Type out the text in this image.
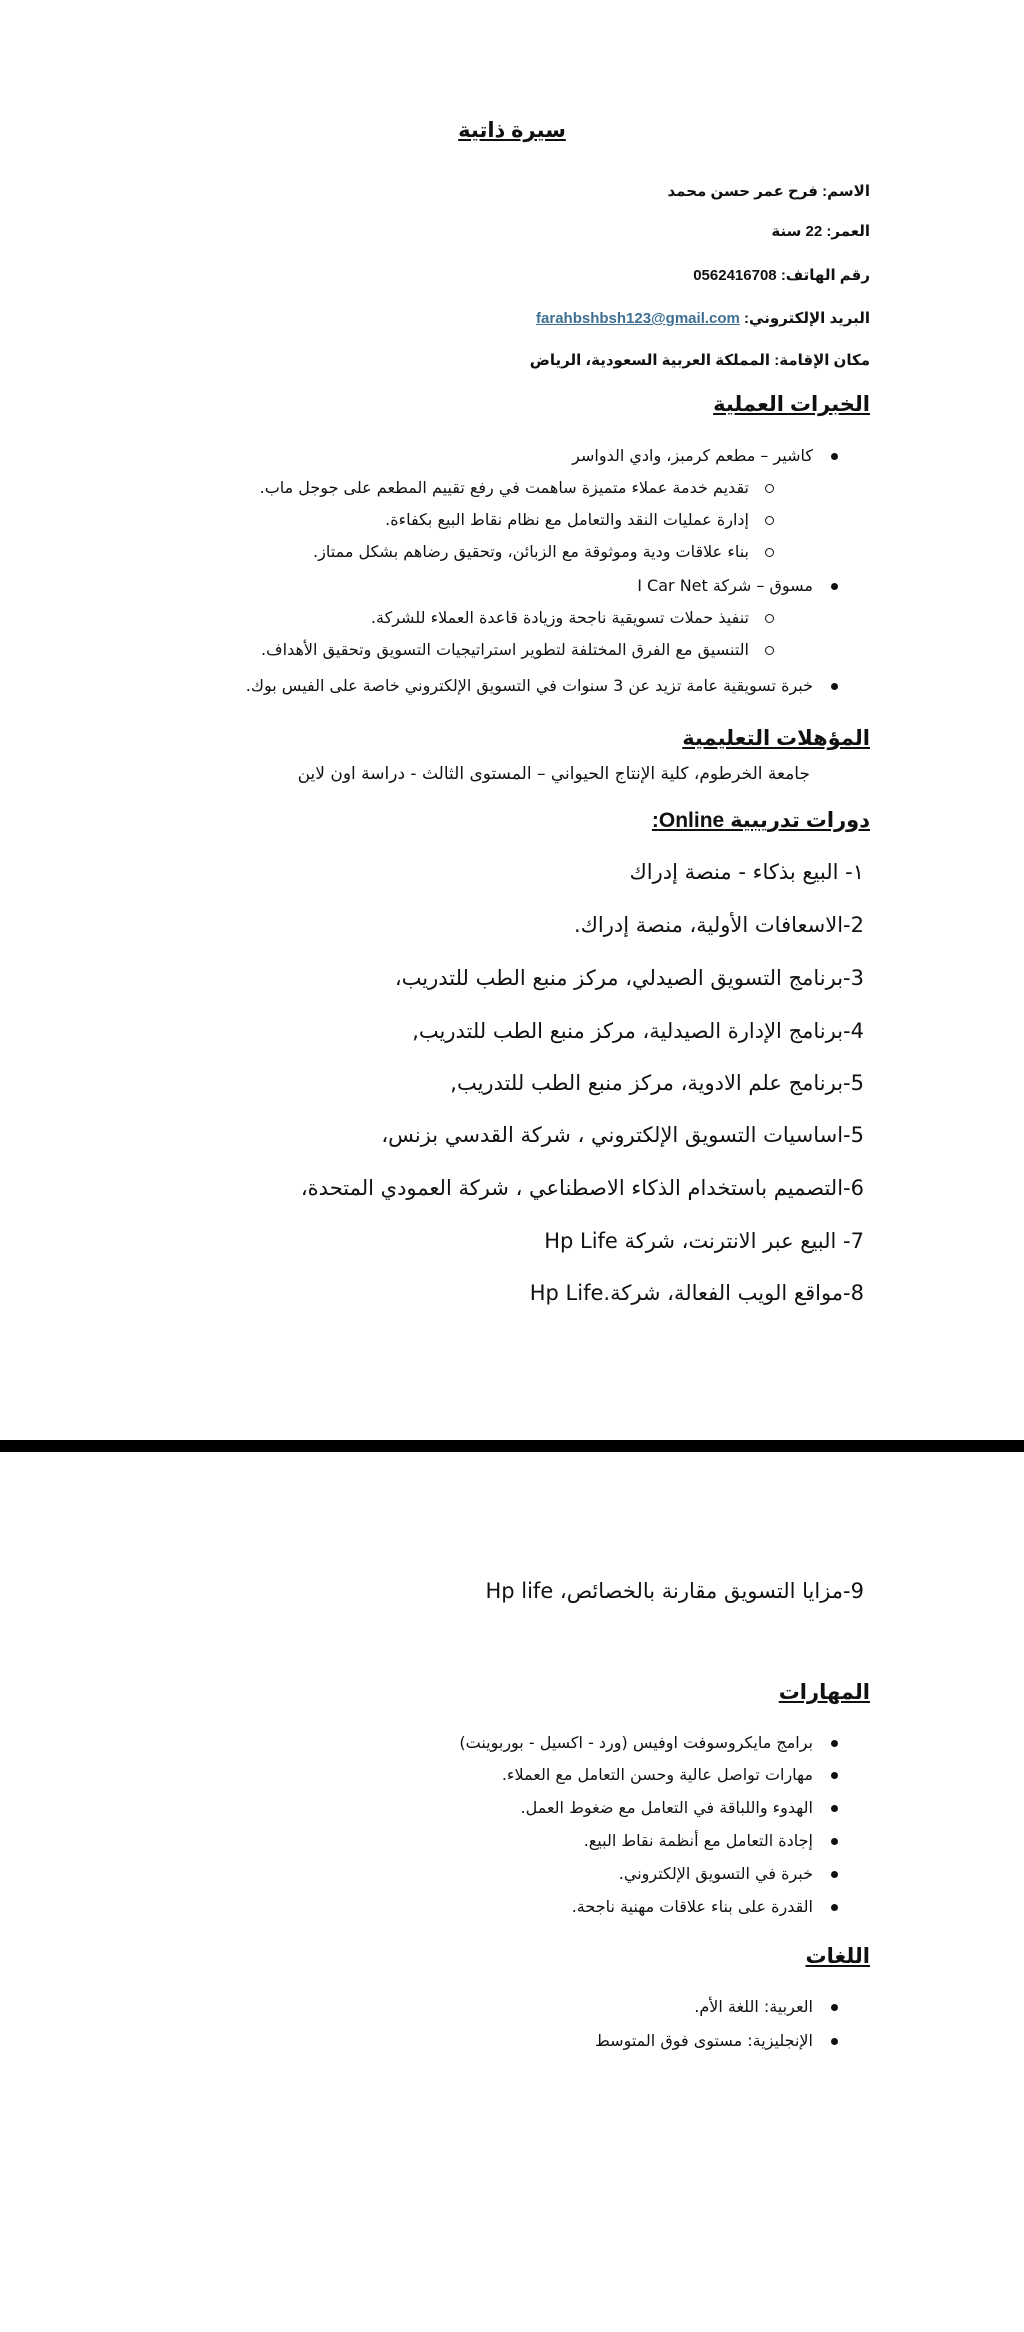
سيرة ذاتية
الاسم: فرح عمر حسن محمد
العمر: 22 سنة
رقم الهاتف: 0562416708
البريد الإلكتروني: farahbshbsh123@gmail.com
مكان الإقامة: المملكة العربية السعودية، الرياض
الخبرات العملية
كاشير – مطعم كرمبز، وادي الدواسر
تقديم خدمة عملاء متميزة ساهمت في رفع تقييم المطعم على جوجل ماب.
إدارة عمليات النقد والتعامل مع نظام نقاط البيع بكفاءة.
بناء علاقات ودية وموثوقة مع الزبائن، وتحقيق رضاهم بشكل ممتاز.
مسوق – شركة I Car Net
تنفيذ حملات تسويقية ناجحة وزيادة قاعدة العملاء للشركة.
التنسيق مع الفرق المختلفة لتطوير استراتيجيات التسويق وتحقيق الأهداف.
خبرة تسويقية عامة تزيد عن 3 سنوات في التسويق الإلكتروني خاصة على الفيس بوك.
المؤهلات التعليمية
جامعة الخرطوم، كلية الإنتاج الحيواني – المستوى الثالث - دراسة اون لاين
دورات تدريبية Online:
١- البيع بذكاء - منصة إدراك
2-الاسعافات الأولية، منصة إدراك.
3-برنامج التسويق الصيدلي، مركز منبع الطب للتدريب،
4-برنامج الإدارة الصيدلية، مركز منبع الطب للتدريب,
5-برنامج علم الادوية، مركز منبع الطب للتدريب,
5-اساسيات التسويق الإلكتروني ، شركة القدسي بزنس،
6-التصميم باستخدام الذكاء الاصطناعي ، شركة العمودي المتحدة،
7- البيع عبر الانترنت، شركة Hp Life
8-مواقع الويب الفعالة، شركة.Hp Life
9-مزايا التسويق مقارنة بالخصائص، Hp life
المهارات
برامج مايكروسوفت اوفيس (ورد - اكسيل - بوربوينت)
مهارات تواصل عالية وحسن التعامل مع العملاء.
الهدوء واللباقة في التعامل مع ضغوط العمل.
إجادة التعامل مع أنظمة نقاط البيع.
خبرة في التسويق الإلكتروني.
القدرة على بناء علاقات مهنية ناجحة.
اللغات
العربية: اللغة الأم.
الإنجليزية: مستوى فوق المتوسط
